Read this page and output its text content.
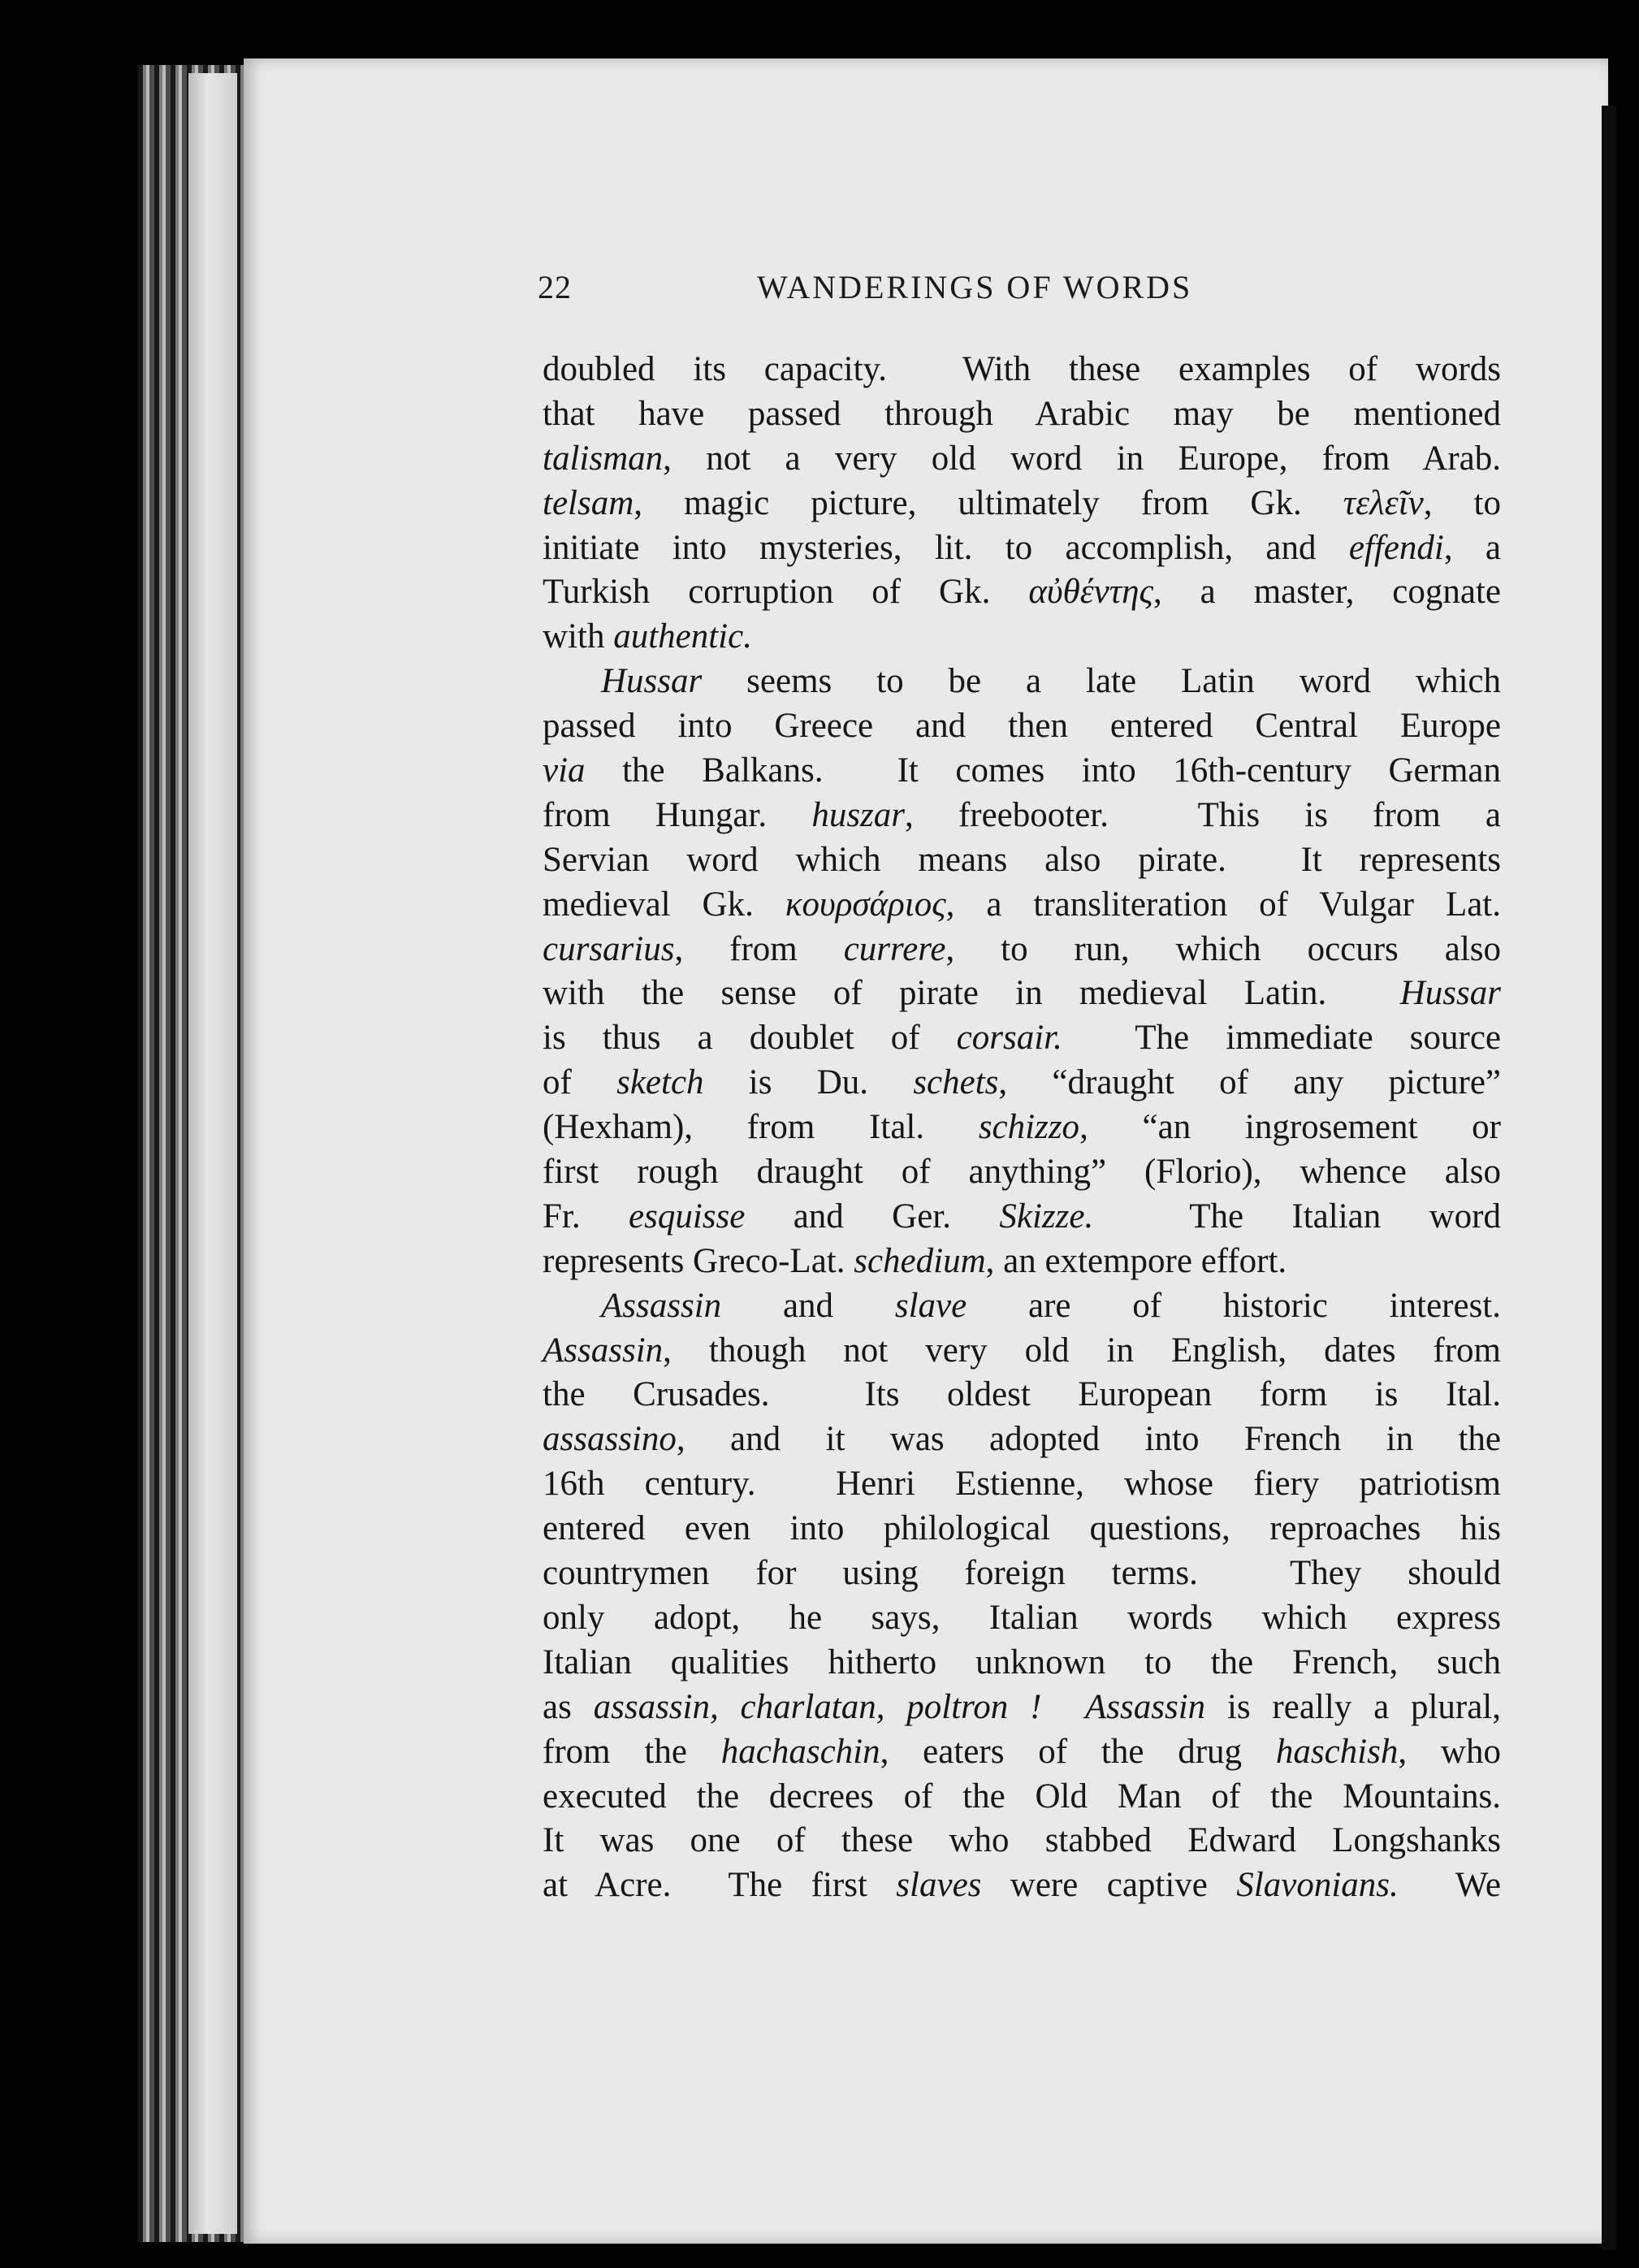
22	WANDERINGS OF WORDS
doubled its capacity.  With these examples of words
that have passed through Arabic may be mentioned
talisman, not a very old word in Europe, from Arab.
telsam, magic picture, ultimately from Gk. τελεῖν, to
initiate into mysteries, lit. to accomplish, and effendi, a
Turkish corruption of Gk. αὐθέντης, a master, cognate
with authentic.
Hussar seems to be a late Latin word which
passed into Greece and then entered Central Europe
via the Balkans.  It comes into 16th-century German
from Hungar. huszar, freebooter.  This is from a
Servian word which means also pirate.  It represents
medieval Gk. κουρσάριος, a transliteration of Vulgar Lat.
cursarius, from currere, to run, which occurs also
with the sense of pirate in medieval Latin.  Hussar
is thus a doublet of corsair.  The immediate source
of sketch is Du. schets, “draught of any picture”
(Hexham), from Ital. schizzo, “an ingrosement or
first rough draught of anything” (Florio), whence also
Fr. esquisse and Ger. Skizze.  The Italian word
represents Greco-Lat. schedium, an extempore effort.
Assassin and slave are of historic interest.
Assassin, though not very old in English, dates from
the Crusades.  Its oldest European form is Ital.
assassino, and it was adopted into French in the
16th century.  Henri Estienne, whose fiery patriotism
entered even into philological questions, reproaches his
countrymen for using foreign terms.  They should
only adopt, he says, Italian words which express
Italian qualities hitherto unknown to the French, such
as assassin, charlatan, poltron ! Assassin is really a plural,
from the hachaschin, eaters of the drug haschish, who
executed the decrees of the Old Man of the Mountains.
It was one of these who stabbed Edward Longshanks
at Acre.  The first slaves were captive Slavonians.  We
